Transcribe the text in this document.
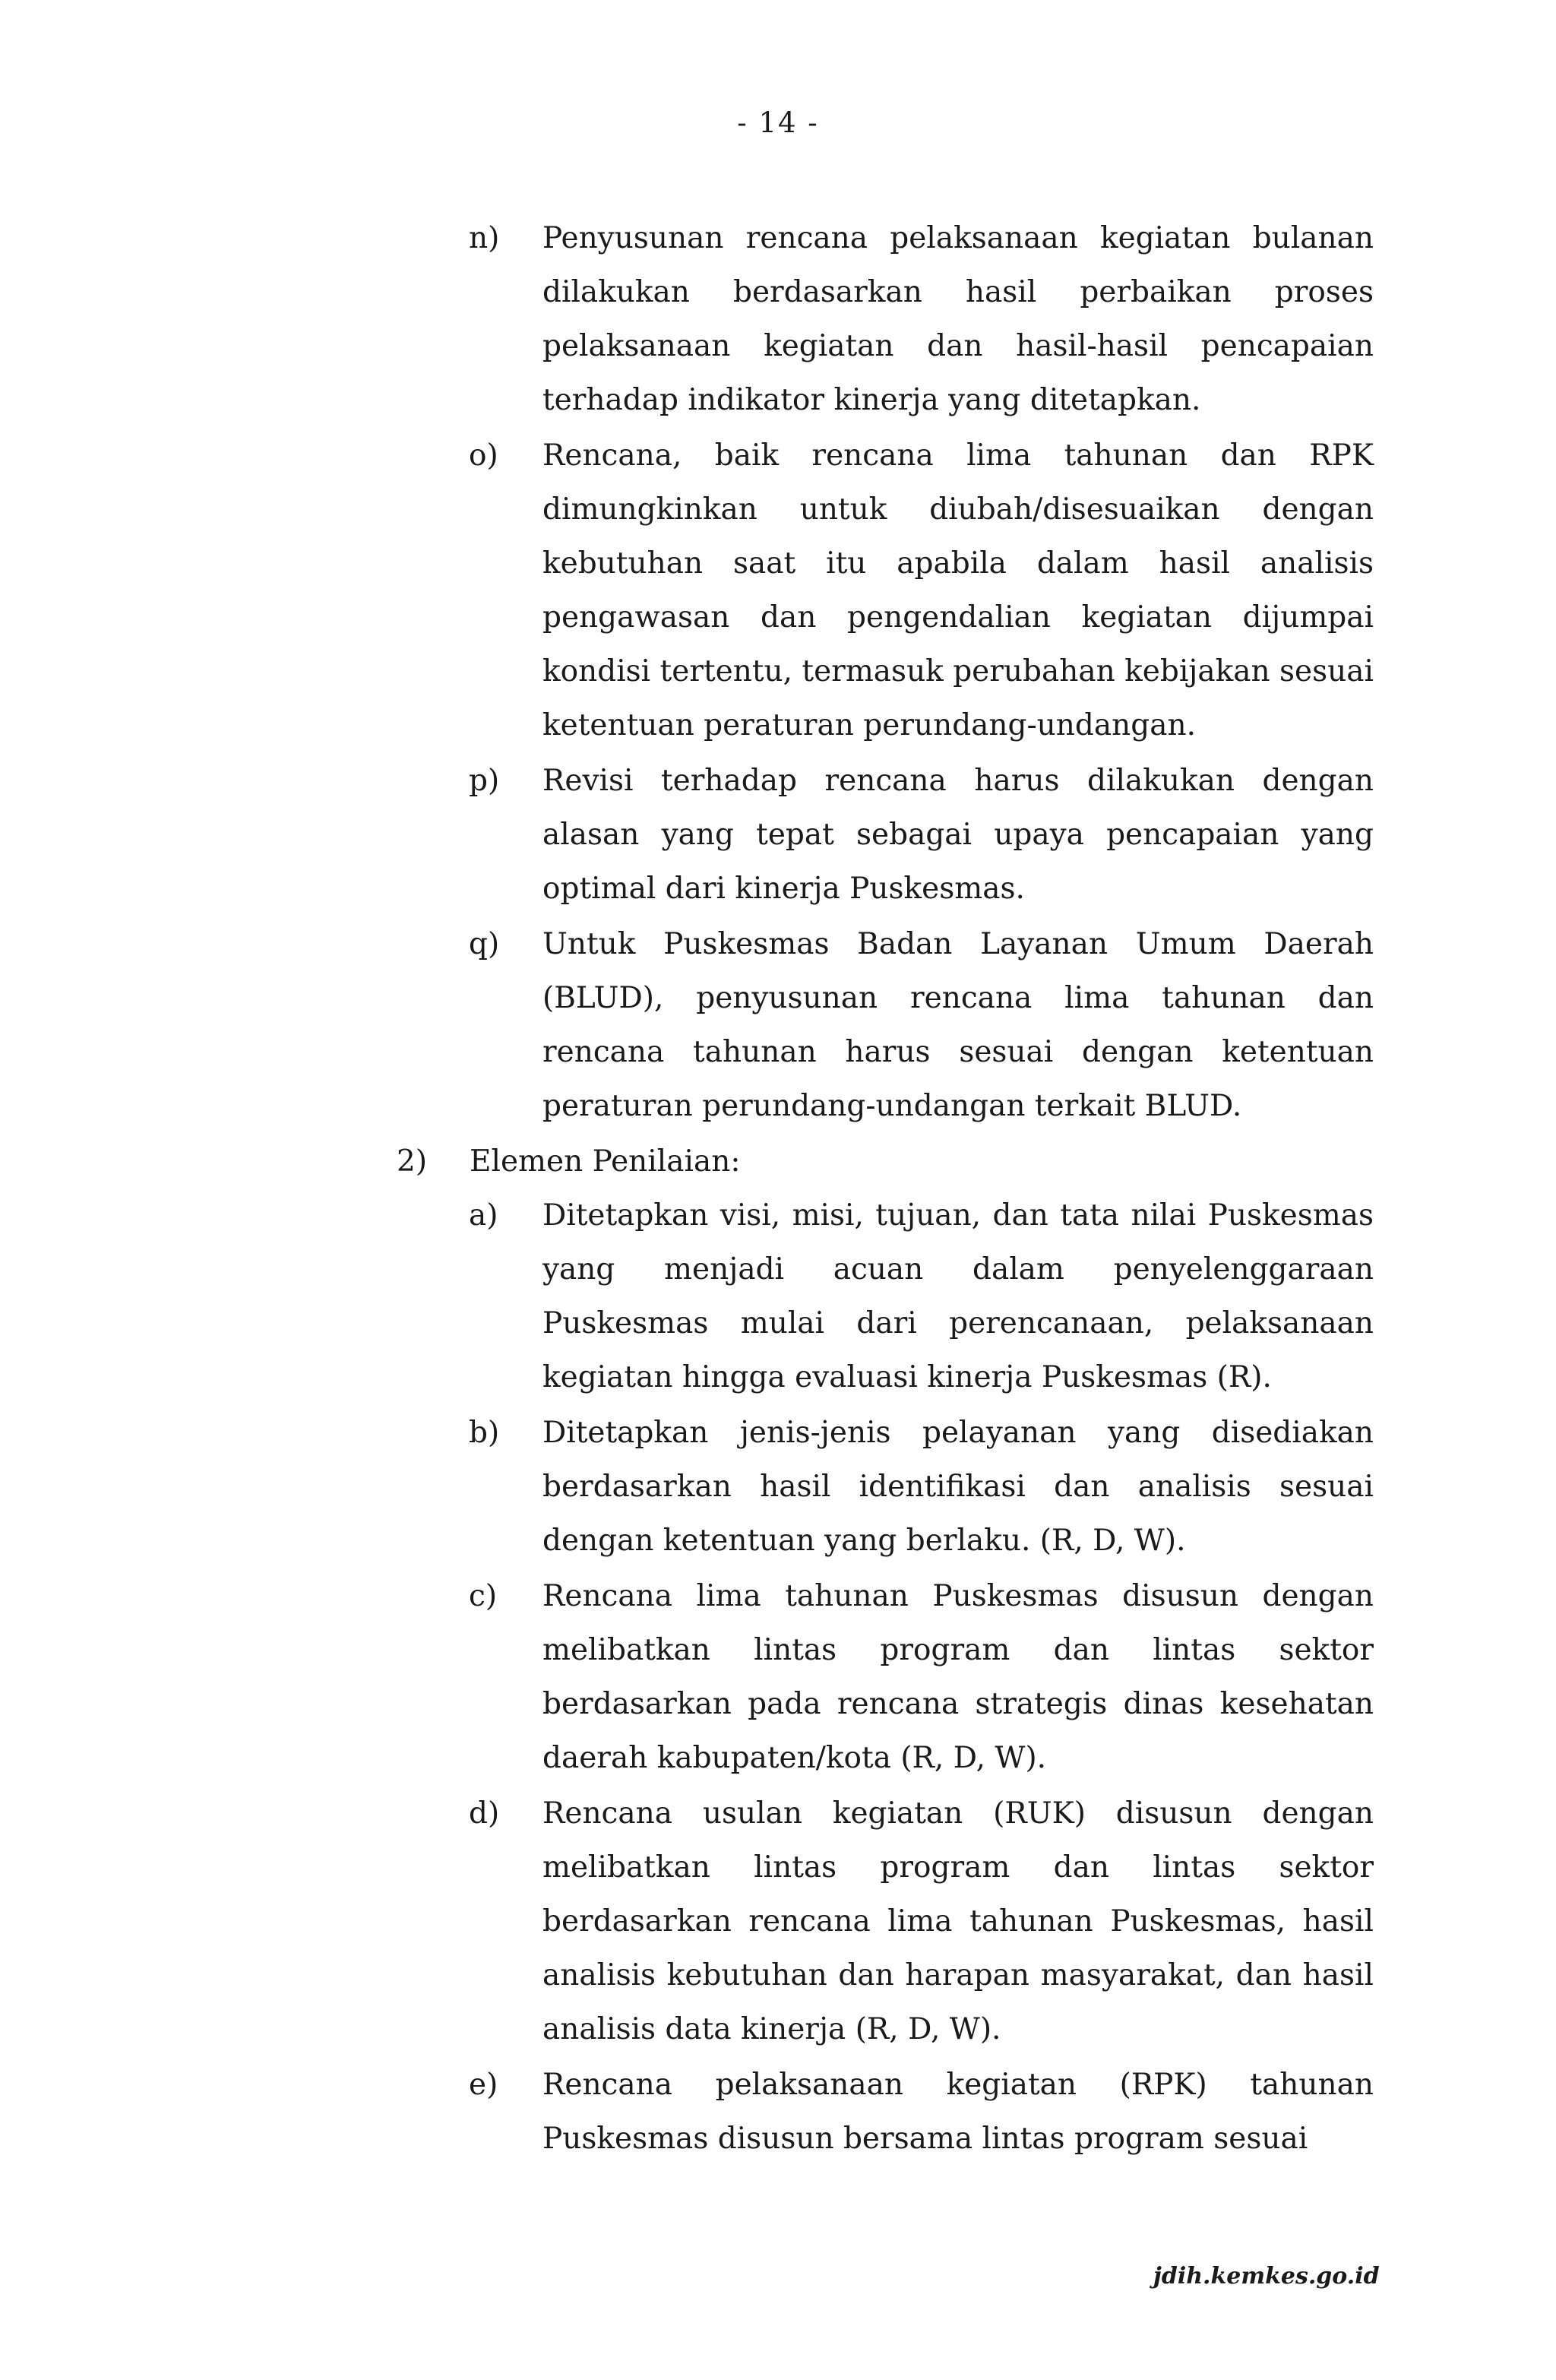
- 14 -
n) Penyusunan rencana pelaksanaan kegiatan bulanan dilakukan berdasarkan hasil perbaikan proses pelaksanaan kegiatan dan hasil-hasil pencapaian terhadap indikator kinerja yang ditetapkan.
o) Rencana, baik rencana lima tahunan dan RPK dimungkinkan untuk diubah/disesuaikan dengan kebutuhan saat itu apabila dalam hasil analisis pengawasan dan pengendalian kegiatan dijumpai kondisi tertentu, termasuk perubahan kebijakan sesuai ketentuan peraturan perundang-undangan.
p) Revisi terhadap rencana harus dilakukan dengan alasan yang tepat sebagai upaya pencapaian yang optimal dari kinerja Puskesmas.
q) Untuk Puskesmas Badan Layanan Umum Daerah (BLUD), penyusunan rencana lima tahunan dan rencana tahunan harus sesuai dengan ketentuan peraturan perundang-undangan terkait BLUD.
2) Elemen Penilaian:
a) Ditetapkan visi, misi, tujuan, dan tata nilai Puskesmas yang menjadi acuan dalam penyelenggaraan Puskesmas mulai dari perencanaan, pelaksanaan kegiatan hingga evaluasi kinerja Puskesmas (R).
b) Ditetapkan jenis-jenis pelayanan yang disediakan berdasarkan hasil identifikasi dan analisis sesuai dengan ketentuan yang berlaku. (R, D, W).
c) Rencana lima tahunan Puskesmas disusun dengan melibatkan lintas program dan lintas sektor berdasarkan pada rencana strategis dinas kesehatan daerah kabupaten/kota (R, D, W).
d) Rencana usulan kegiatan (RUK) disusun dengan melibatkan lintas program dan lintas sektor berdasarkan rencana lima tahunan Puskesmas, hasil analisis kebutuhan dan harapan masyarakat, dan hasil analisis data kinerja (R, D, W).
e) Rencana pelaksanaan kegiatan (RPK) tahunan Puskesmas disusun bersama lintas program sesuai
jdih.kemkes.go.id
